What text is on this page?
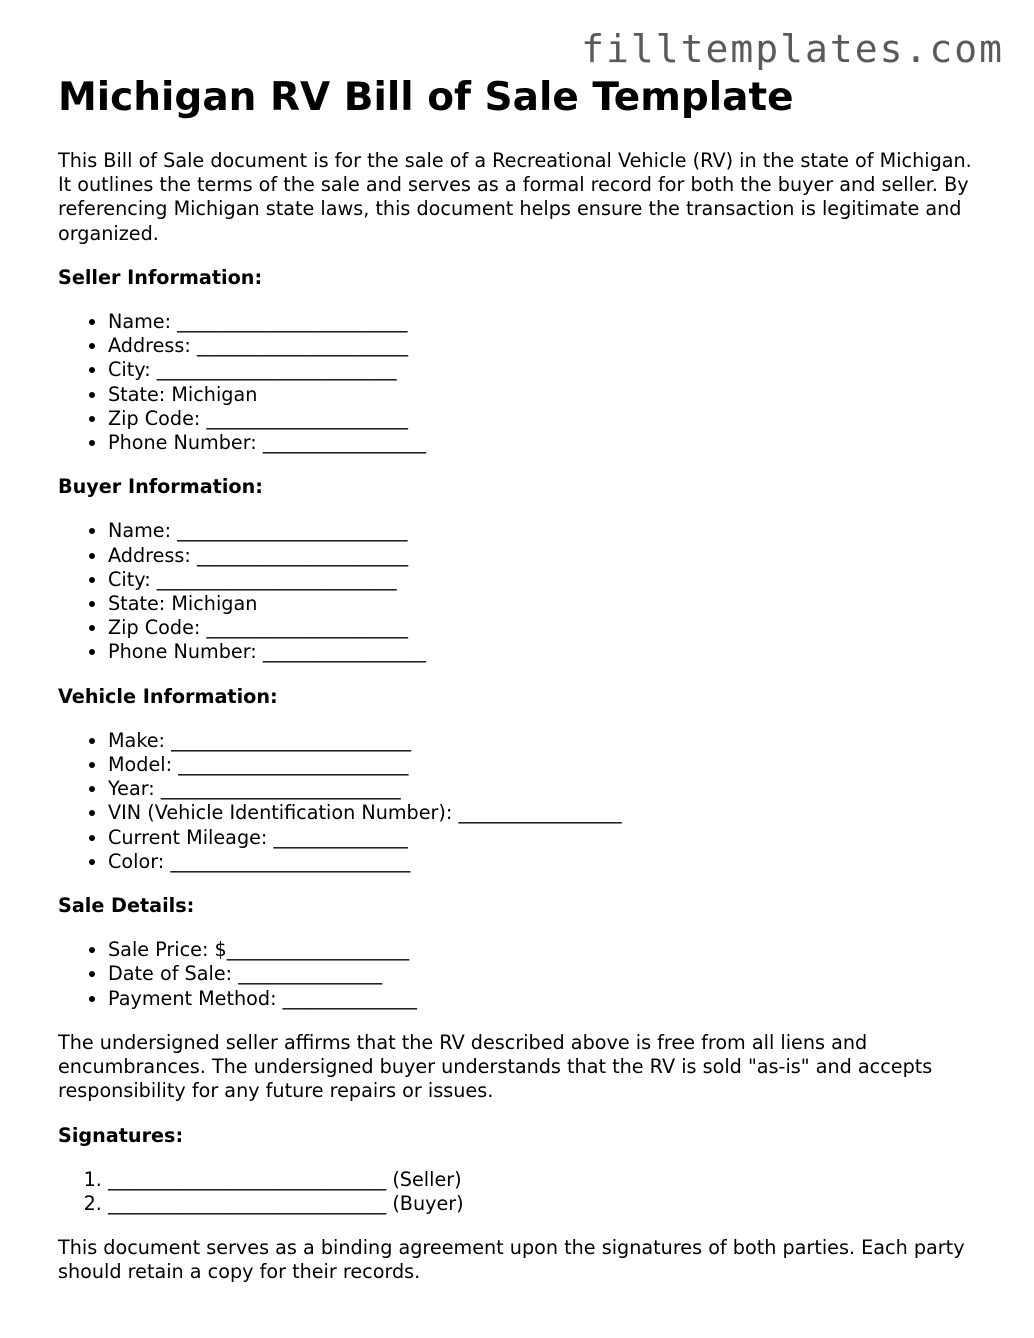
filltemplates.com
Michigan RV Bill of Sale Template

This Bill of Sale document is for the sale of a Recreational Vehicle (RV) in the state of Michigan. It outlines the terms of the sale and serves as a formal record for both the buyer and seller. By referencing Michigan state laws, this document helps ensure the transaction is legitimate and organized.

Seller Information:
• Name: ________________________
• Address: ______________________
• City: _________________________
• State: Michigan
• Zip Code: _____________________
• Phone Number: _________________
Buyer Information:
• Name: ________________________
• Address: ______________________
• City: _________________________
• State: Michigan
• Zip Code: _____________________
• Phone Number: _________________
Vehicle Information:
• Make: _________________________
• Model: ________________________
• Year: _________________________
• VIN (Vehicle Identification Number): _________________
• Current Mileage: ______________
• Color: _________________________
Sale Details:
• Sale Price: $___________________
• Date of Sale: _______________
• Payment Method: ______________

The undersigned seller affirms that the RV described above is free from all liens and encumbrances. The undersigned buyer understands that the RV is sold "as-is" and accepts responsibility for any future repairs or issues.

Signatures:
1. _____________________________ (Seller)
2. _____________________________ (Buyer)

This document serves as a binding agreement upon the signatures of both parties. Each party should retain a copy for their records.
